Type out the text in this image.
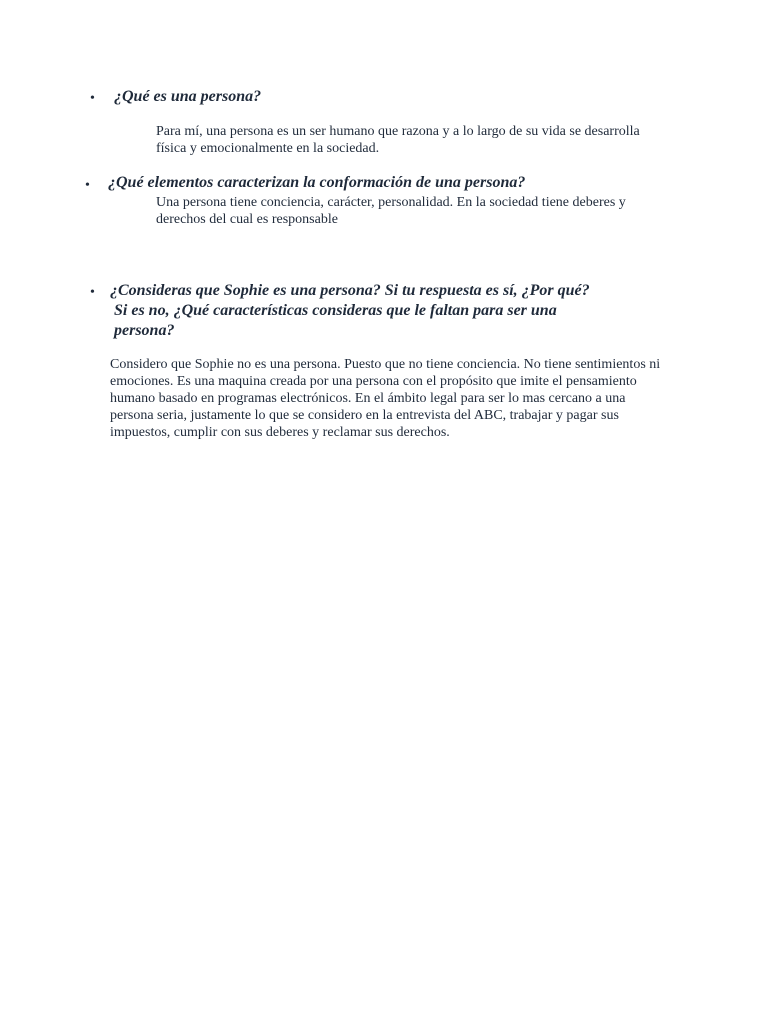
• ¿Qué es una persona?

Para mí, una persona es un ser humano que razona y a lo largo de su vida se desarrolla física y emocionalmente en la sociedad.

• ¿Qué elementos caracterizan la conformación de una persona?

Una persona tiene conciencia, carácter, personalidad. En la sociedad tiene deberes y derechos del cual es responsable

• ¿Consideras que Sophie es una persona? Si tu respuesta es sí, ¿Por qué?
Si es no, ¿Qué características consideras que le faltan para ser una
persona?

Considero que Sophie no es una persona. Puesto que no tiene conciencia. No tiene sentimientos ni emociones. Es una maquina creada por una persona con el propósito que imite el pensamiento humano basado en programas electrónicos. En el ámbito legal para ser lo mas cercano a una persona seria, justamente lo que se considero en la entrevista del ABC, trabajar y pagar sus impuestos, cumplir con sus deberes y reclamar sus derechos.
